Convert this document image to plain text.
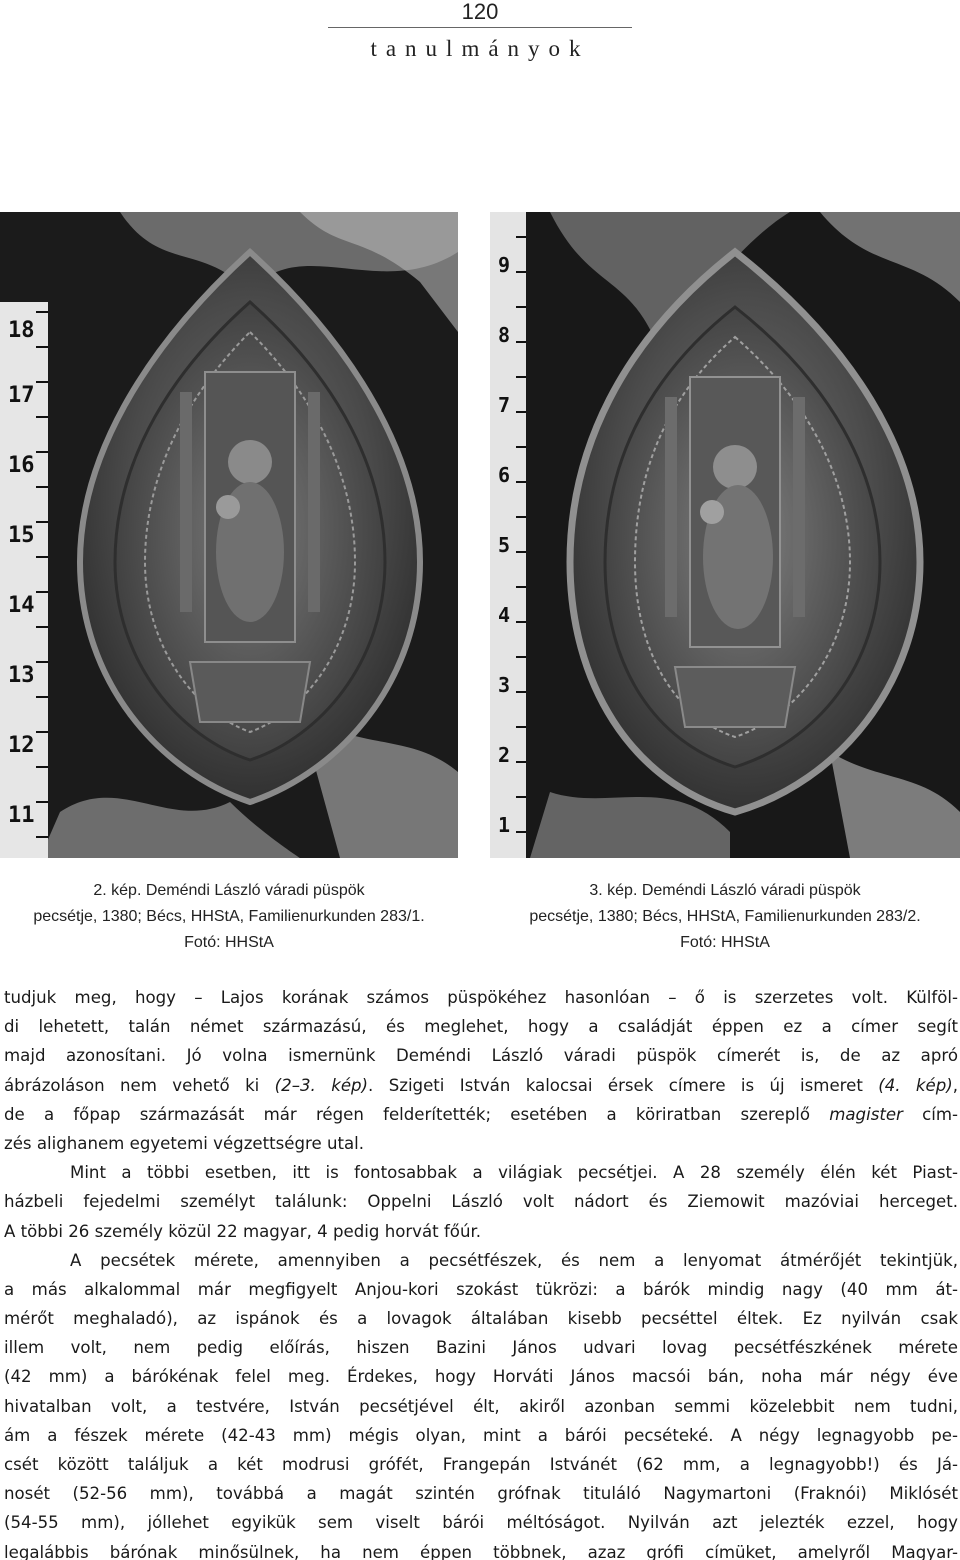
120
tanulmányok
11
12
13
14
15
16
17
18
1
2
3
4
5
6
7
8
9
2. kép. Deméndi László váradi püspök
pecsétje, 1380; Bécs, HHStA, Familienurkunden 283/1.
Fotó: HHStA
3. kép. Deméndi László váradi püspök
pecsétje, 1380; Bécs, HHStA, Familienurkunden 283/2.
Fotó: HHStA
tudjuk meg, hogy – Lajos korának számos püspökéhez hasonlóan – ő is szerzetes volt. Külföl-
di lehetett, talán német származású, és meglehet, hogy a családját éppen ez a címer segít
majd azonosítani. Jó volna ismernünk Deméndi László váradi püspök címerét is, de az apró
ábrázoláson nem vehető ki (2–3. kép). Szigeti István kalocsai érsek címere is új ismeret (4. kép),
de a főpap származását már régen felderítették; esetében a köriratban szereplő magister cím-
zés alighanem egyetemi végzettségre utal.
Mint a többi esetben, itt is fontosabbak a világiak pecsétjei. A 28 személy élén két Piast-
házbeli fejedelmi személyt találunk: Oppelni László volt nádort és Ziemowit mazóviai herceget.
A többi 26 személy közül 22 magyar, 4 pedig horvát főúr.
A pecsétek mérete, amennyiben a pecsétfészek, és nem a lenyomat átmérőjét tekintjük,
a más alkalommal már megfigyelt Anjou-kori szokást tükrözi: a bárók mindig nagy (40 mm át-
mérőt meghaladó), az ispánok és a lovagok általában kisebb pecséttel éltek. Ez nyilván csak
illem volt, nem pedig előírás, hiszen Bazini János udvari lovag pecsétfészkének mérete
(42 mm) a bárókénak felel meg. Érdekes, hogy Horváti János macsói bán, noha már négy éve
hivatalban volt, a testvére, István pecsétjével élt, akiről azonban semmi közelebbit nem tudni,
ám a fészek mérete (42-43 mm) mégis olyan, mint a bárói pecséteké. A négy legnagyobb pe-
csét között találjuk a két modrusi grófét, Frangepán Istvánét (62 mm, a legnagyobb!) és Já-
nosét (52-56 mm), továbbá a magát szintén grófnak tituláló Nagymartoni (Fraknói) Miklósét
(54-55 mm), jóllehet egyikük sem viselt bárói méltóságot. Nyilván azt jelezték ezzel, hogy
legalábbis bárónak minősülnek, ha nem éppen többnek, azaz grófi címüket, amelyről Magyar-
